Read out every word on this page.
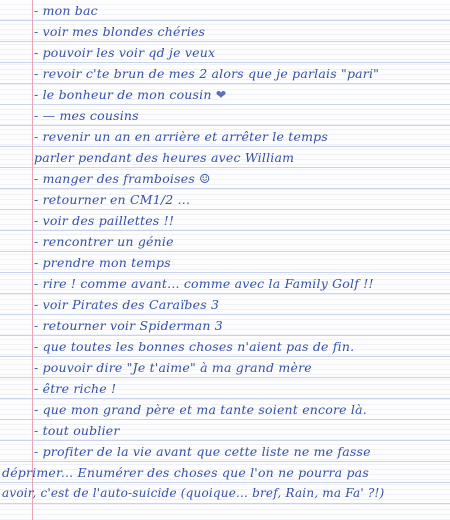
- mon bac
- voir mes blondes chéries
- pouvoir les voir qd je veux
- revoir c'te brun de mes 2 alors que je parlais "pari"
- le bonheur de mon cousin ❤
- — mes cousins
- revenir un an en arrière et arrêter le temps
parler pendant des heures avec William
- manger des framboises ☺
- retourner en CM1/2 ...
- voir des paillettes !!
- rencontrer un génie
- prendre mon temps
- rire ! comme avant... comme avec la Family Golf !!
- voir Pirates des Caraïbes 3
- retourner voir Spiderman 3
- que toutes les bonnes choses n'aient pas de fin.
- pouvoir dire "Je t'aime" à ma grand mère
- être riche !
- que mon grand père et ma tante soient encore là.
- tout oublier
- profiter de la vie avant que cette liste ne me fasse
déprimer... Enumérer des choses que l'on ne pourra pas
avoir, c'est de l'auto-suicide (quoique... bref, Rain, ma Fa' ?!)
